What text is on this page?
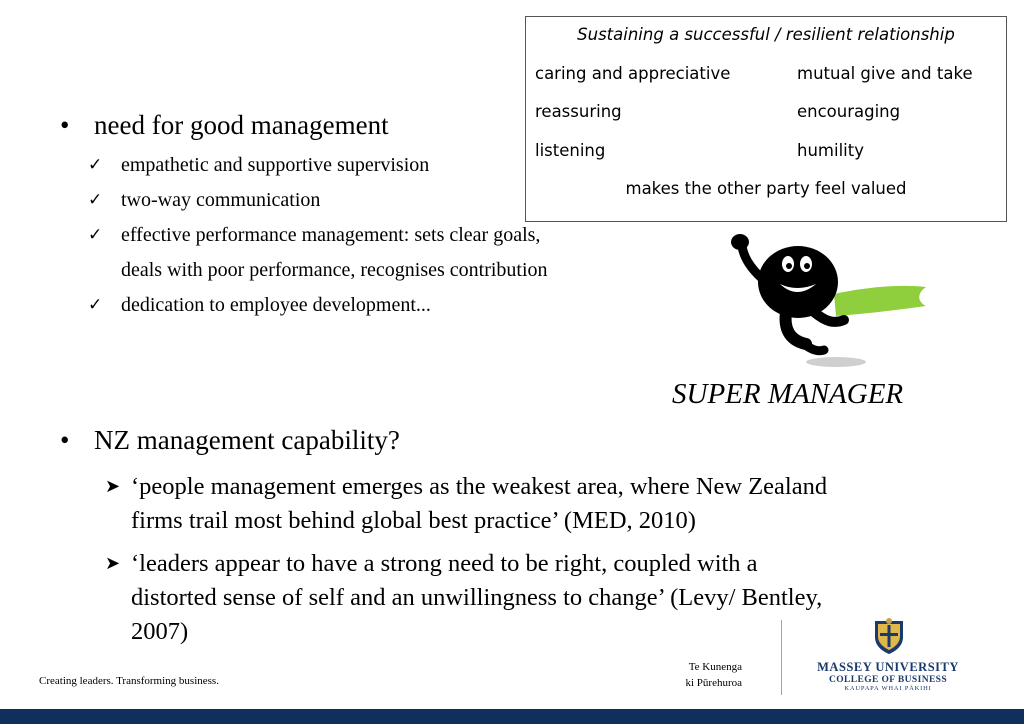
Sustaining a successful / resilient relationship
caring and appreciative	mutual give and take
reassuring	encouraging
listening	humility
makes the other party feel valued
• need for good management
✓ empathetic and supportive supervision
✓ two-way communication
✓ effective performance management: sets clear goals,
deals with poor performance, recognises contribution
✓ dedication to employee development...
SUPER MANAGER
• NZ management capability?
➤ ‘people management emerges as the weakest area, where New Zealand
firms trail most behind global best practice’ (MED, 2010)
➤ ‘leaders appear to have a strong need to be right, coupled with a
distorted sense of self and an unwillingness to change’ (Levy/ Bentley,
2007)
Creating leaders. Transforming business.
Te Kunenga
ki Pūrehuroa
MASSEY UNIVERSITY
COLLEGE OF BUSINESS
KAUPAPA WHAI PĀKIHI
